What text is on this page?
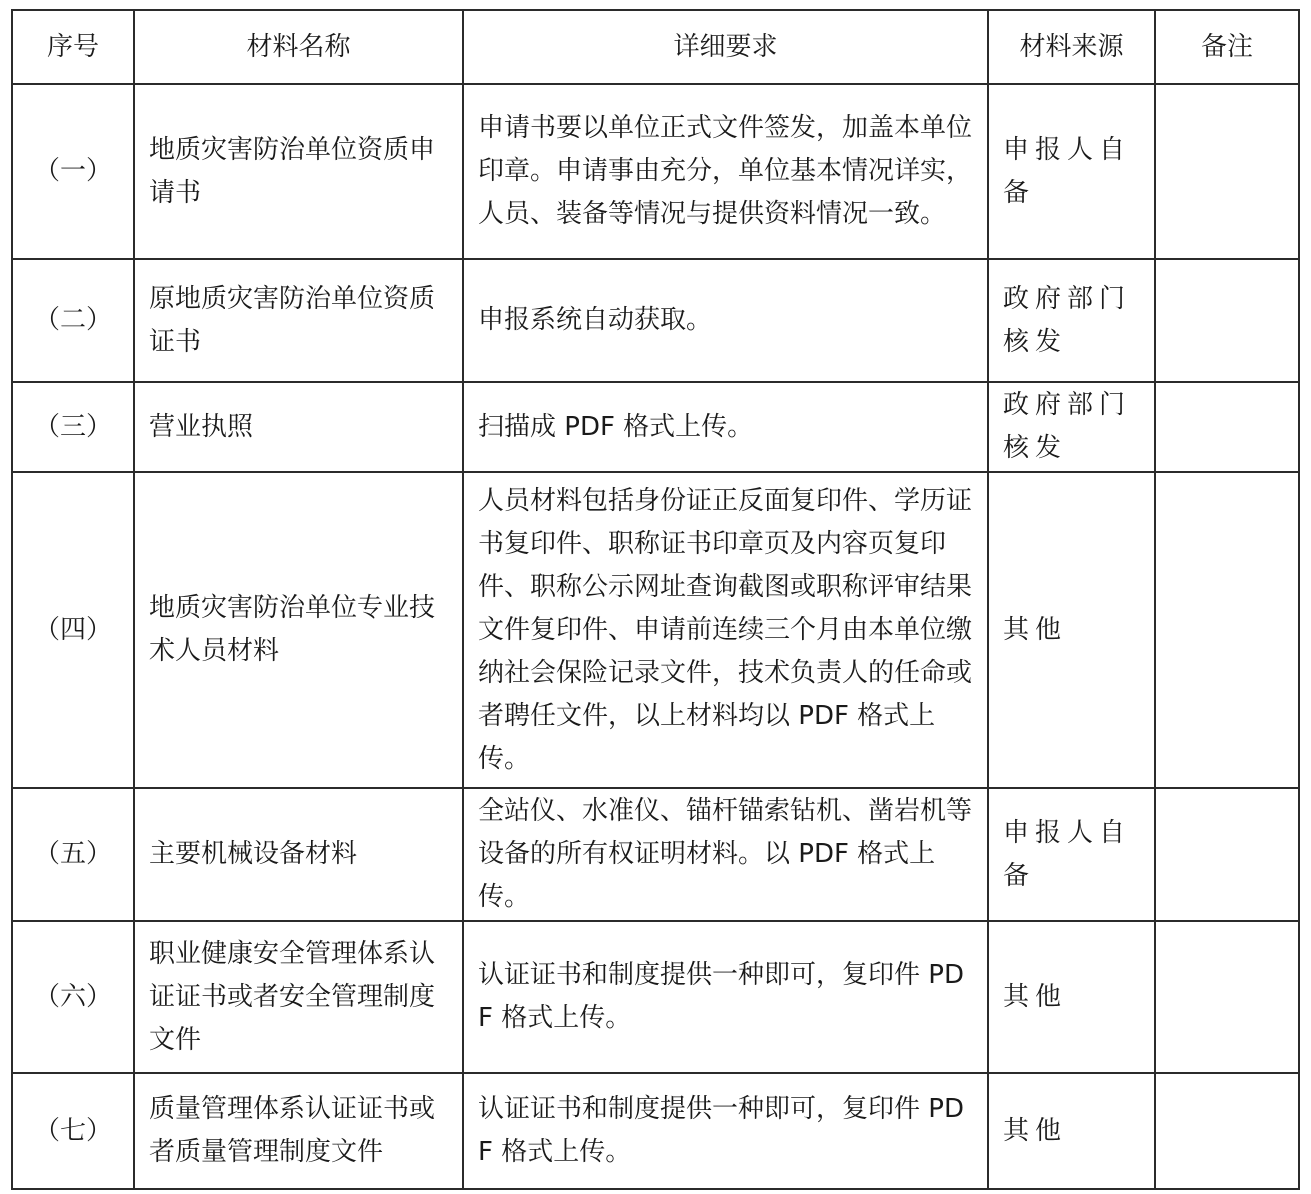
序号	材料名称	详细要求	材料来源	备注
（一）	地质灾害防治单位资质申请书	申请书要以单位正式文件签发，加盖本单位印章。申请事由充分，单位基本情况详实，人员、装备等情况与提供资料情况一致。	申报人自备	
（二）	原地质灾害防治单位资质证书	申报系统自动获取。	政府部门核发	
（三）	营业执照	扫描成 PDF 格式上传。	政府部门核发	
（四）	地质灾害防治单位专业技术人员材料	人员材料包括身份证正反面复印件、学历证书复印件、职称证书印章页及内容页复印件、职称公示网址查询截图或职称评审结果文件复印件、申请前连续三个月由本单位缴纳社会保险记录文件，技术负责人的任命或者聘任文件，以上材料均以 PDF 格式上传。	其他	
（五）	主要机械设备材料	全站仪、水准仪、锚杆锚索钻机、凿岩机等设备的所有权证明材料。以 PDF 格式上传。	申报人自备	
（六）	职业健康安全管理体系认证证书或者安全管理制度文件	认证证书和制度提供一种即可，复印件 PDF 格式上传。	其他	
（七）	质量管理体系认证证书或者质量管理制度文件	认证证书和制度提供一种即可，复印件 PDF 格式上传。	其他	
